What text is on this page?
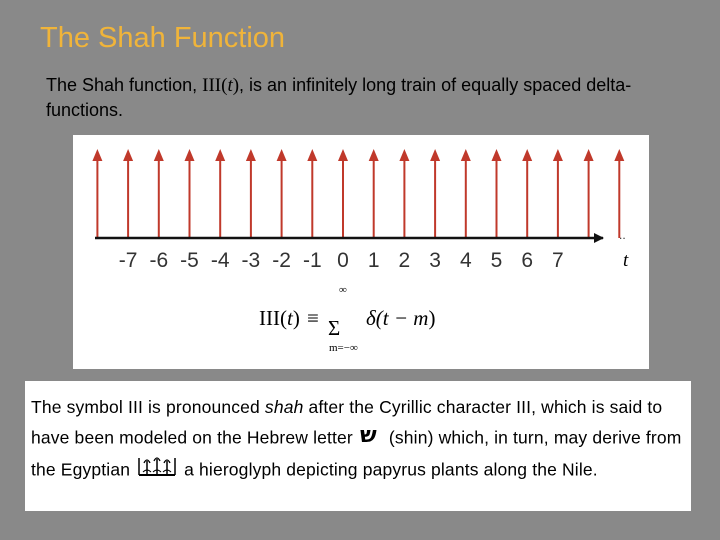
The Shah Function
The Shah function, III(t), is an infinitely long train of equally spaced delta-functions.
..
-7 -6 -5 -4 -3 -2 -1 0 1 2 3 4 5 6 7	t
III(t) ≡
∞
Σ
m=−∞
δ(t − m)
The symbol III is pronounced shah after the Cyrillic character III, which is said to have been modeled on the Hebrew letter ש (shin) which, in turn, may derive from the Egyptian	a hieroglyph depicting papyrus plants along the Nile.
